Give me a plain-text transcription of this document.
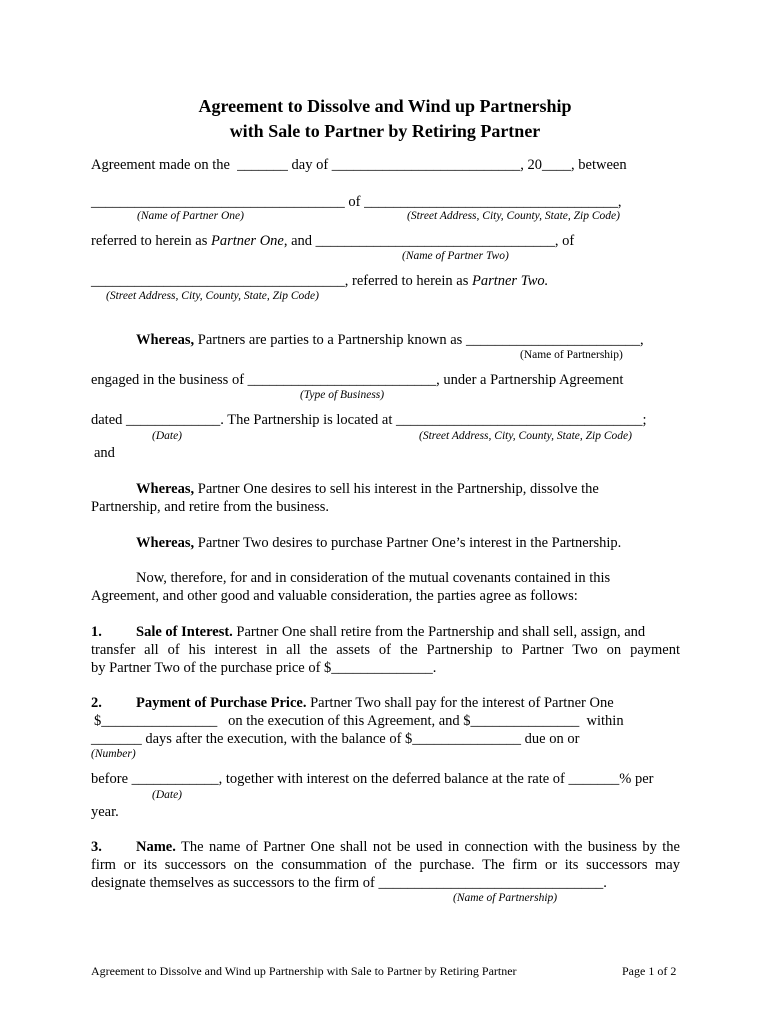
Agreement to Dissolve and Wind up Partnership
with Sale to Partner by Retiring Partner
Agreement made on the  _______ day of __________________________, 20____, between
___________________________________ of ___________________________________,
(Name of Partner One)	(Street Address, City, County, State, Zip Code)
referred to herein as Partner One, and _________________________________, of
(Name of Partner Two)
___________________________________, referred to herein as Partner Two.
(Street Address, City, County, State, Zip Code)
Whereas, Partners are parties to a Partnership known as ________________________,
(Name of Partnership)
engaged in the business of __________________________, under a Partnership Agreement
(Type of Business)
dated _____________. The Partnership is located at __________________________________;
(Date)	(Street Address, City, County, State, Zip Code)
and
Whereas, Partner One desires to sell his interest in the Partnership, dissolve the
Partnership, and retire from the business.
Whereas, Partner Two desires to purchase Partner One’s interest in the Partnership.
Now, therefore, for and in consideration of the mutual covenants contained in this
Agreement, and other good and valuable consideration, the parties agree as follows:
1. Sale of Interest. Partner One shall retire from the Partnership and shall sell, assign, and
transfer all of his interest in all the assets of the Partnership to Partner Two on payment
by Partner Two of the purchase price of $______________.
2. Payment of Purchase Price. Partner Two shall pay for the interest of Partner One
$________________   on the execution of this Agreement, and $_______________  within
_______ days after the execution, with the balance of $_______________ due on or
(Number)
before ____________, together with interest on the deferred balance at the rate of _______% per
(Date)
year.
3. Name. The name of Partner One shall not be used in connection with the business by the
firm or its successors on the consummation of the purchase. The firm or its successors may
designate themselves as successors to the firm of _______________________________.
(Name of Partnership)
Agreement to Dissolve and Wind up Partnership with Sale to Partner by Retiring Partner	Page 1 of 2
